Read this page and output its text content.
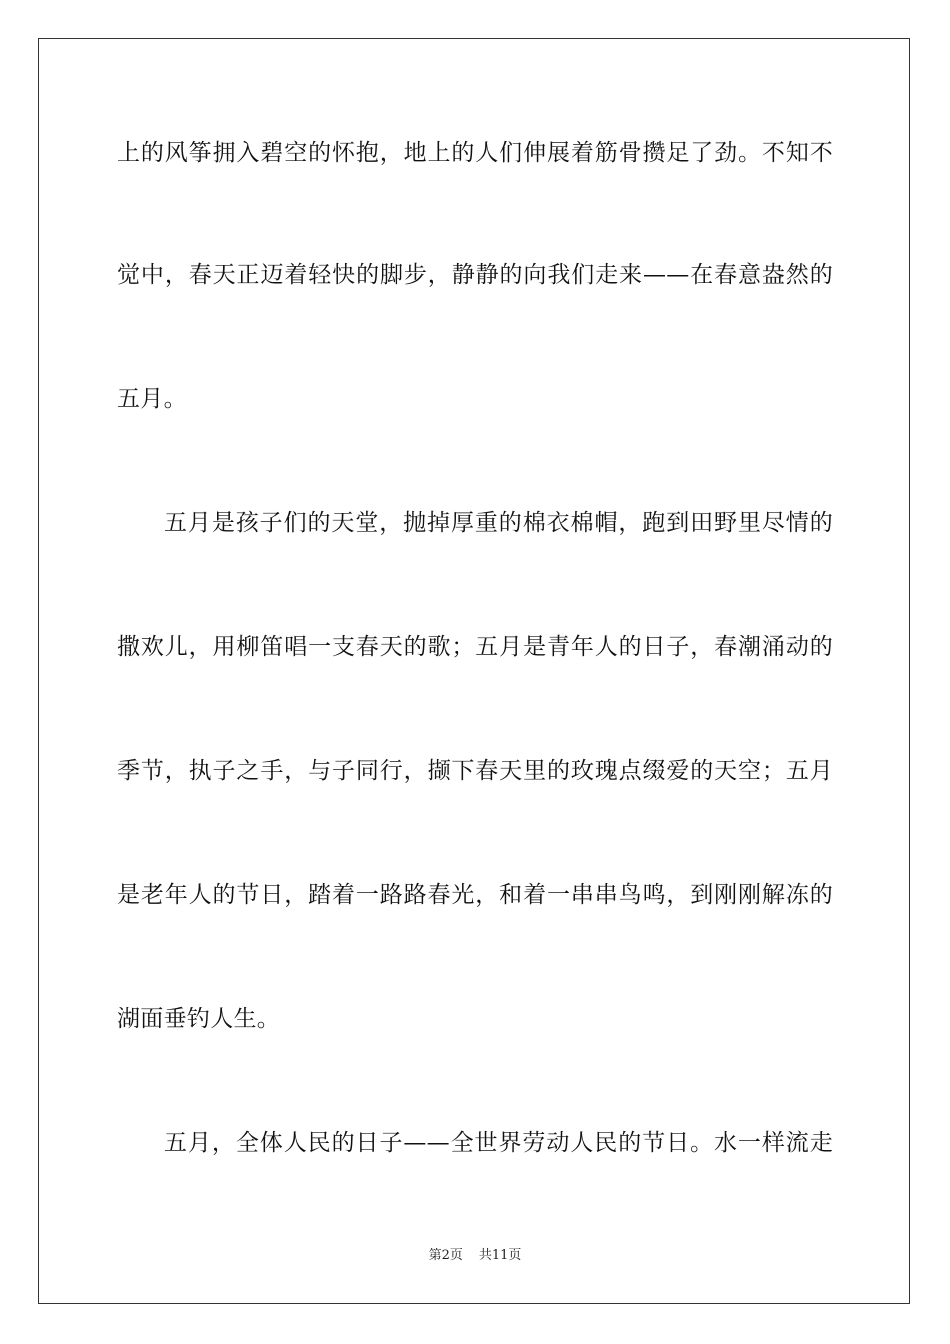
上的风筝拥入碧空的怀抱，地上的人们伸展着筋骨攒足了劲。不知不
觉中，春天正迈着轻快的脚步，静静的向我们走来——在春意盎然的
五月。
五月是孩子们的天堂，抛掉厚重的棉衣棉帽，跑到田野里尽情的
撒欢儿，用柳笛唱一支春天的歌；五月是青年人的日子，春潮涌动的
季节，执子之手，与子同行，撷下春天里的玫瑰点缀爱的天空；五月
是老年人的节日，踏着一路路春光，和着一串串鸟鸣，到刚刚解冻的
湖面垂钓人生。
五月，全体人民的日子——全世界劳动人民的节日。水一样流走
第2页 共11页
